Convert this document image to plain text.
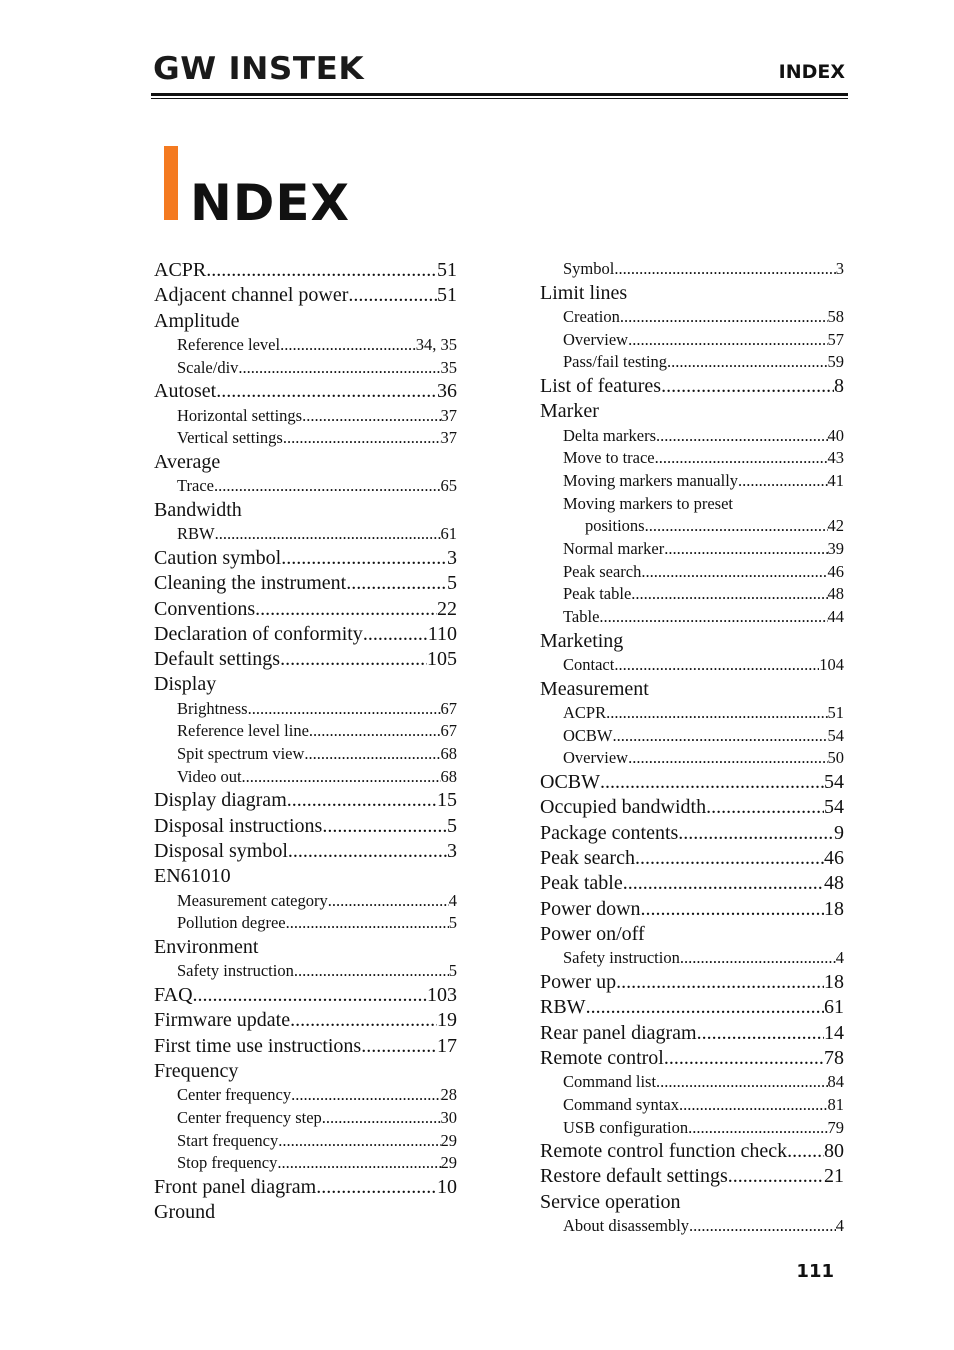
GW INSTEK	INDEX
NDEX
ACPR .....	51
Adjacent channel power .....	51
Amplitude
Reference level .....	34, 35
Scale/div .....	35
Autoset .....	36
Horizontal settings .....	37
Vertical settings .....	37
Average
Trace .....	65
Bandwidth
RBW .....	61
Caution symbol .....	3
Cleaning the instrument .....	5
Conventions .....	22
Declaration of conformity .....	110
Default settings .....	105
Display
Brightness .....	67
Reference level line .....	67
Spit spectrum view .....	68
Video out .....	68
Display diagram .....	15
Disposal instructions .....	5
Disposal symbol .....	3
EN61010
Measurement category .....	4
Pollution degree .....	5
Environment
Safety instruction .....	5
FAQ .....	103
Firmware update .....	19
First time use instructions .....	17
Frequency
Center frequency .....	28
Center frequency step .....	30
Start frequency .....	29
Stop frequency .....	29
Front panel diagram .....	10
Ground
Symbol .....	3
Limit lines
Creation .....	58
Overview .....	57
Pass/fail testing .....	59
List of features .....	8
Marker
Delta markers .....	40
Move to trace .....	43
Moving markers manually .....	41
Moving markers to preset
positions .....	42
Normal marker .....	39
Peak search .....	46
Peak table .....	48
Table .....	44
Marketing
Contact .....	104
Measurement
ACPR .....	51
OCBW .....	54
Overview .....	50
OCBW .....	54
Occupied bandwidth .....	54
Package contents .....	9
Peak search .....	46
Peak table .....	48
Power down .....	18
Power on/off
Safety instruction .....	4
Power up .....	18
RBW .....	61
Rear panel diagram .....	14
Remote control .....	78
Command list .....	84
Command syntax .....	81
USB configuration .....	79
Remote control function check ..... 80
Restore default settings .....	21
Service operation
About disassembly .....	4
111
